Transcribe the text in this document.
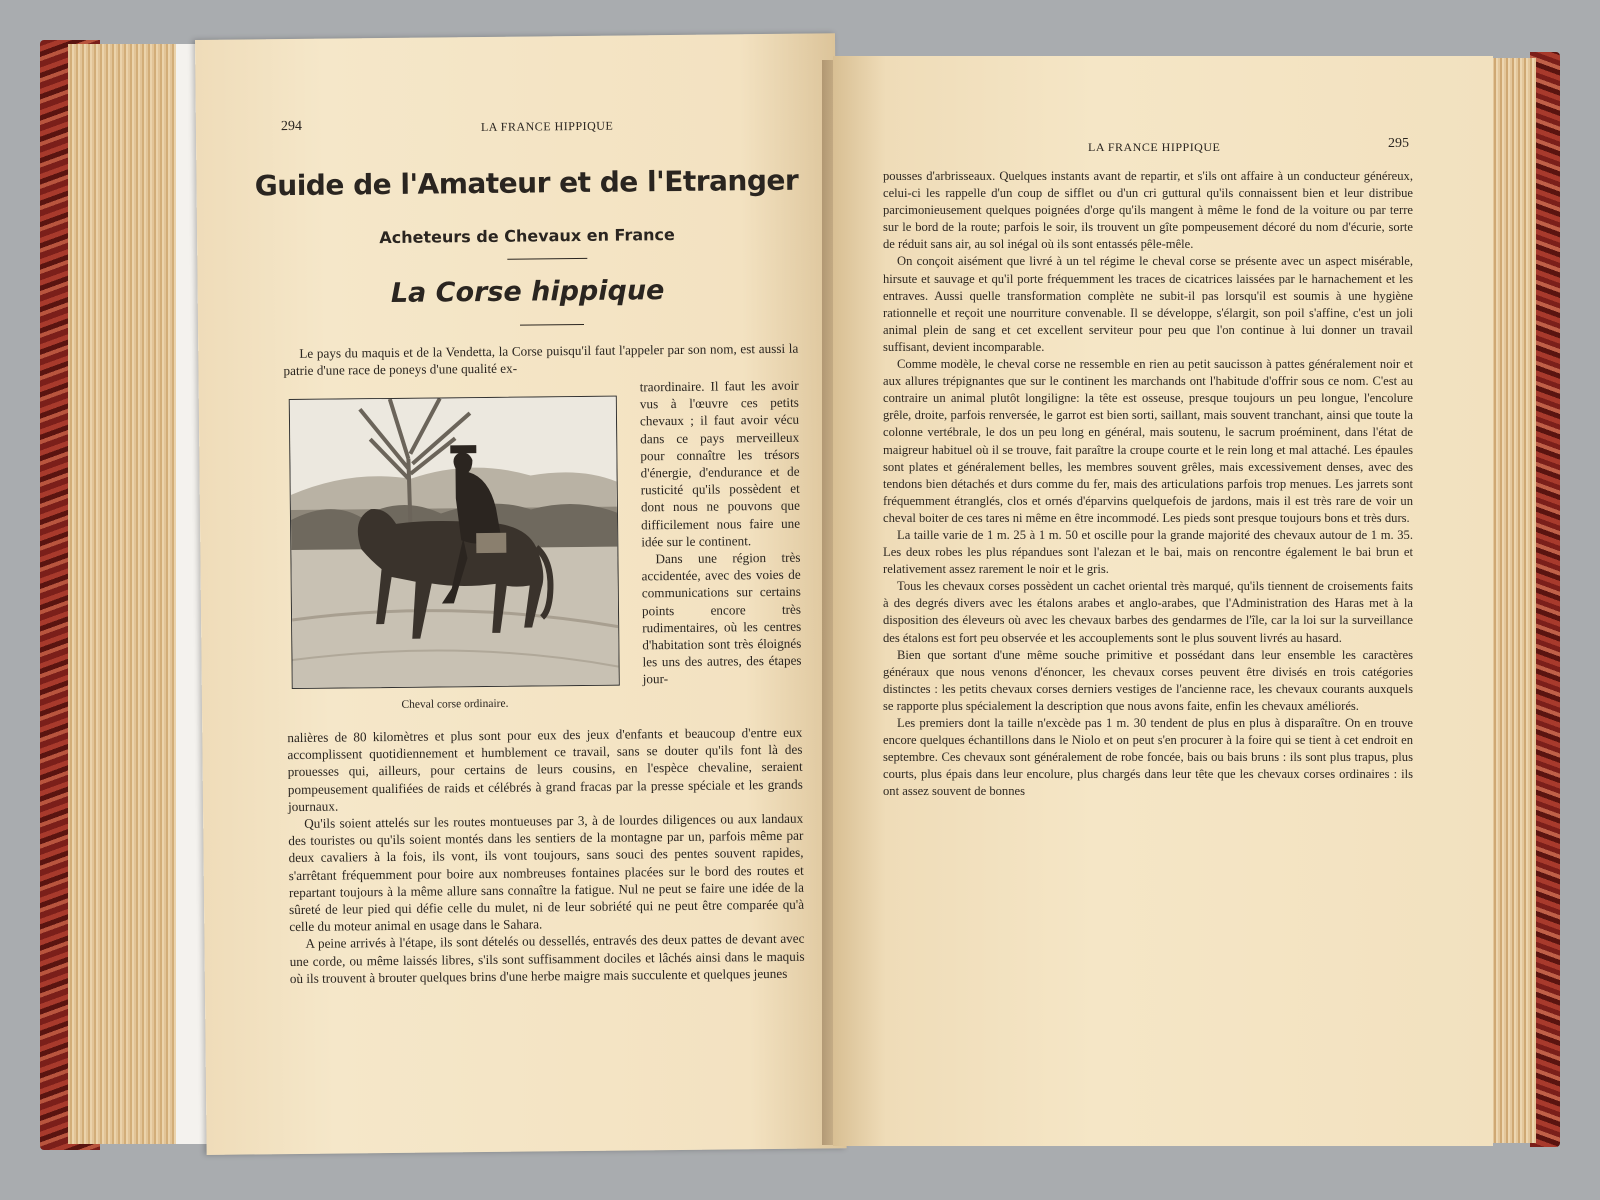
294	LA FRANCE HIPPIQUE
Guide de l'Amateur et de l'Etranger
Acheteurs de Chevaux en France
La Corse hippique

Le pays du maquis et de la Vendetta, la Corse puisqu'il faut l'appeler par son nom, est aussi la patrie d'une race de poneys d'une qualité ex-

Cheval corse ordinaire.

traordinaire. Il faut les avoir vus à l'œuvre ces petits chevaux ; il faut avoir vécu dans ce pays merveilleux pour connaître les trésors d'énergie, d'endurance et de rusticité qu'ils possèdent et dont nous ne pouvons que difficilement nous faire une idée sur le continent.

Dans une région très accidentée, avec des voies de communications sur certains points encore très rudimentaires, où les centres d'habitation sont très éloignés les uns des autres, des étapes jour-

nalières de 80 kilomètres et plus sont pour eux des jeux d'enfants et beaucoup d'entre eux accomplissent quotidiennement et humblement ce travail, sans se douter qu'ils font là des prouesses qui, ailleurs, pour certains de leurs cousins, en l'espèce chevaline, seraient pompeusement qualifiées de raids et célébrés à grand fracas par la presse spéciale et les grands journaux.

Qu'ils soient attelés sur les routes montueuses par 3, à de lourdes diligences ou aux landaux des touristes ou qu'ils soient montés dans les sentiers de la montagne par un, parfois même par deux cavaliers à la fois, ils vont, ils vont toujours, sans souci des pentes souvent rapides, s'arrêtant fréquemment pour boire aux nombreuses fontaines placées sur le bord des routes et repartant toujours à la même allure sans connaître la fatigue. Nul ne peut se faire une idée de la sûreté de leur pied qui défie celle du mulet, ni de leur sobriété qui ne peut être comparée qu'à celle du moteur animal en usage dans le Sahara.

A peine arrivés à l'étape, ils sont dételés ou dessellés, entravés des deux pattes de devant avec une corde, ou même laissés libres, s'ils sont suffisamment dociles et lâchés ainsi dans le maquis où ils trouvent à brouter quelques brins d'une herbe maigre mais succulente et quelques jeunes

LA FRANCE HIPPIQUE	295

pousses d'arbrisseaux. Quelques instants avant de repartir, et s'ils ont affaire à un conducteur généreux, celui-ci les rappelle d'un coup de sifflet ou d'un cri guttural qu'ils connaissent bien et leur distribue parcimonieusement quelques poignées d'orge qu'ils mangent à même le fond de la voiture ou par terre sur le bord de la route; parfois le soir, ils trouvent un gîte pompeusement décoré du nom d'écurie, sorte de réduit sans air, au sol inégal où ils sont entassés pêle-mêle.

On conçoit aisément que livré à un tel régime le cheval corse se présente avec un aspect misérable, hirsute et sauvage et qu'il porte fréquemment les traces de cicatrices laissées par le harnachement et les entraves. Aussi quelle transformation complète ne subit-il pas lorsqu'il est soumis à une hygiène rationnelle et reçoit une nourriture convenable. Il se développe, s'élargit, son poil s'affine, c'est un joli animal plein de sang et cet excellent serviteur pour peu que l'on continue à lui donner un travail suffisant, devient incomparable.

Comme modèle, le cheval corse ne ressemble en rien au petit saucisson à pattes généralement noir et aux allures trépignantes que sur le continent les marchands ont l'habitude d'offrir sous ce nom. C'est au contraire un animal plutôt longiligne: la tête est osseuse, presque toujours un peu longue, l'encolure grêle, droite, parfois renversée, le garrot est bien sorti, saillant, mais souvent tranchant, ainsi que toute la colonne vertébrale, le dos un peu long en général, mais soutenu, le sacrum proéminent, dans l'état de maigreur habituel où il se trouve, fait paraître la croupe courte et le rein long et mal attaché. Les épaules sont plates et généralement belles, les membres souvent grêles, mais excessivement denses, avec des tendons bien détachés et durs comme du fer, mais des articulations parfois trop menues. Les jarrets sont fréquemment étranglés, clos et ornés d'éparvins quelquefois de jardons, mais il est très rare de voir un cheval boiter de ces tares ni même en être incommodé. Les pieds sont presque toujours bons et très durs.

La taille varie de 1 m. 25 à 1 m. 50 et oscille pour la grande majorité des chevaux autour de 1 m. 35. Les deux robes les plus répandues sont l'alezan et le bai, mais on rencontre également le bai brun et relativement assez rarement le noir et le gris.

Tous les chevaux corses possèdent un cachet oriental très marqué, qu'ils tiennent de croisements faits à des degrés divers avec les étalons arabes et anglo-arabes, que l'Administration des Haras met à la disposition des éleveurs où avec les chevaux barbes des gendarmes de l'île, car la loi sur la surveillance des étalons est fort peu observée et les accouplements sont le plus souvent livrés au hasard.

Bien que sortant d'une même souche primitive et possédant dans leur ensemble les caractères généraux que nous venons d'énoncer, les chevaux corses peuvent être divisés en trois catégories distinctes : les petits chevaux corses derniers vestiges de l'ancienne race, les chevaux courants auxquels se rapporte plus spécialement la description que nous avons faite, enfin les chevaux améliorés.

Les premiers dont la taille n'excède pas 1 m. 30 tendent de plus en plus à disparaître. On en trouve encore quelques échantillons dans le Niolo et on peut s'en procurer à la foire qui se tient à cet endroit en septembre. Ces chevaux sont généralement de robe foncée, bais ou bais bruns : ils sont plus trapus, plus courts, plus épais dans leur encolure, plus chargés dans leur tête que les chevaux corses ordinaires : ils ont assez souvent de bonnes
